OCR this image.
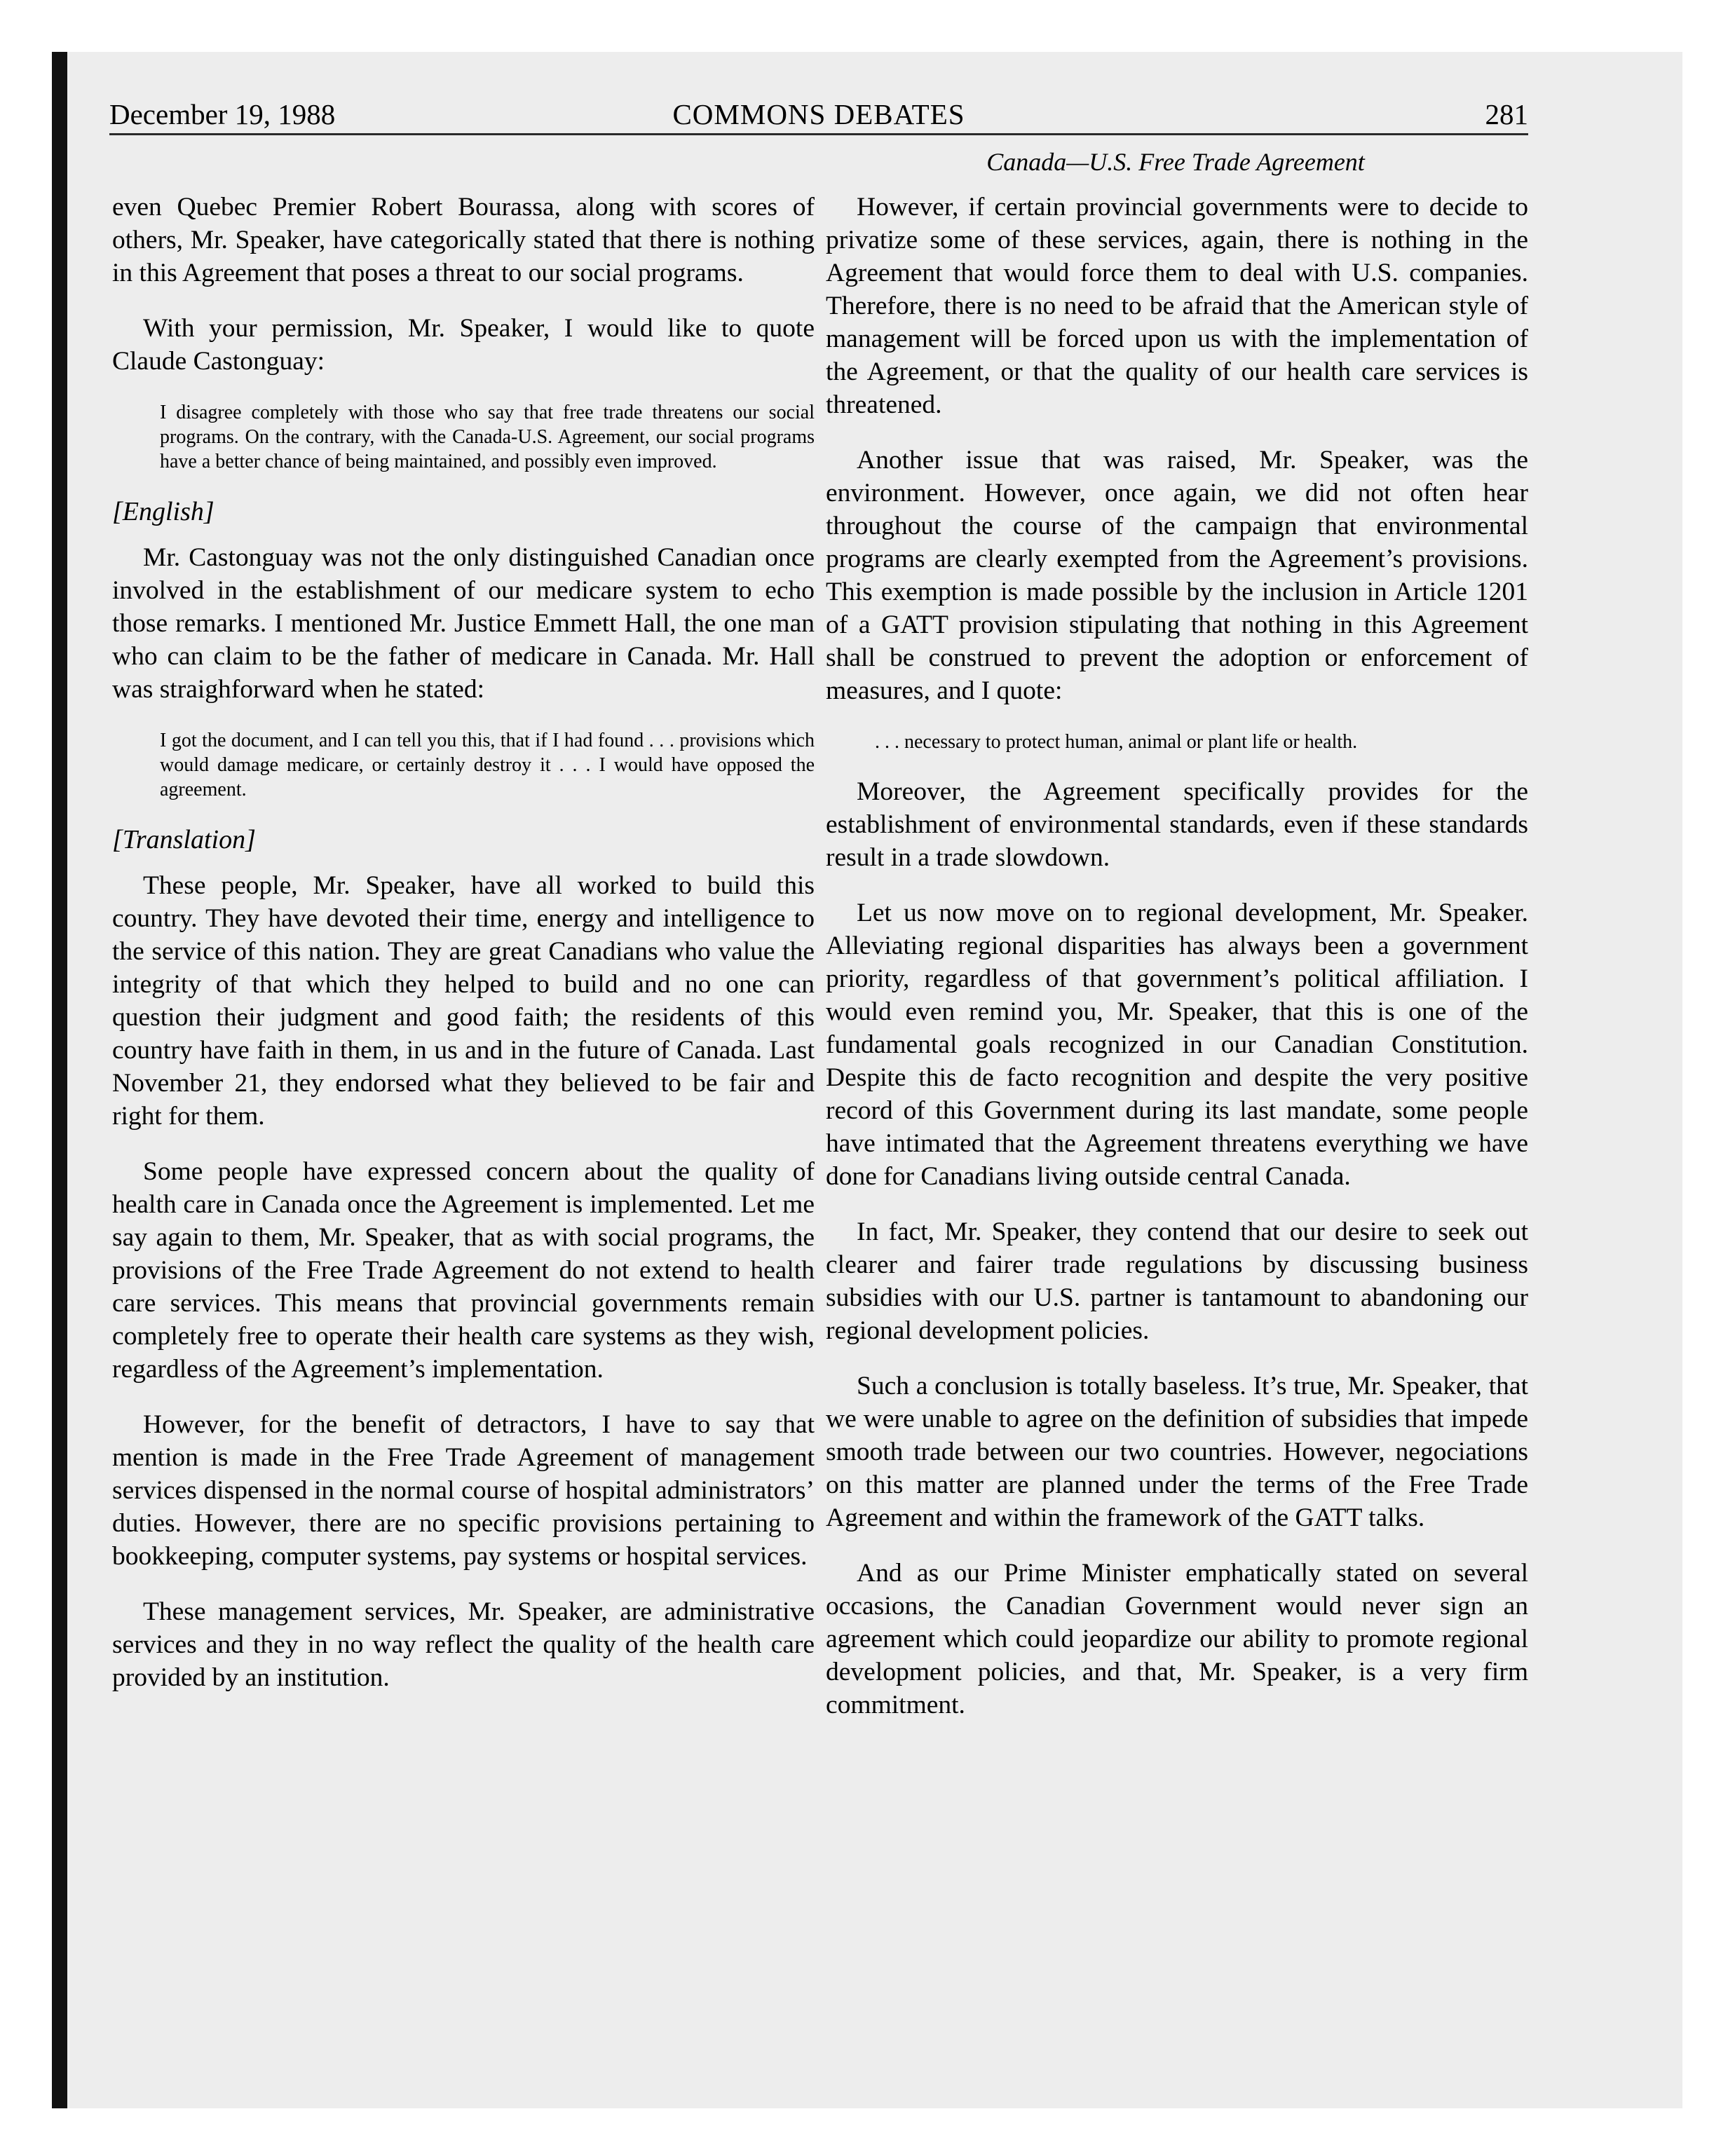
December 19, 1988	COMMONS DEBATES	281
Canada—U.S. Free Trade Agreement

even Quebec Premier Robert Bourassa, along with scores of others, Mr. Speaker, have categorically stated that there is nothing in this Agreement that poses a threat to our social programs.

With your permission, Mr. Speaker, I would like to quote Claude Castonguay:

I disagree completely with those who say that free trade threatens our social programs. On the contrary, with the Canada-U.S. Agreement, our social programs have a better chance of being maintained, and possibly even improved.

[English]

Mr. Castonguay was not the only distinguished Canadian once involved in the establishment of our medicare system to echo those remarks. I mentioned Mr. Justice Emmett Hall, the one man who can claim to be the father of medicare in Canada. Mr. Hall was straighforward when he stated:

I got the document, and I can tell you this, that if I had found . . . provisions which would damage medicare, or certainly destroy it . . . I would have opposed the agreement.

[Translation]

These people, Mr. Speaker, have all worked to build this country. They have devoted their time, energy and intelligence to the service of this nation. They are great Canadians who value the integrity of that which they helped to build and no one can question their judgment and good faith; the residents of this country have faith in them, in us and in the future of Canada. Last November 21, they endorsed what they believed to be fair and right for them.

Some people have expressed concern about the quality of health care in Canada once the Agreement is implemented. Let me say again to them, Mr. Speaker, that as with social programs, the provisions of the Free Trade Agreement do not extend to health care services. This means that provincial governments remain completely free to operate their health care systems as they wish, regardless of the Agreement’s implementation.

However, for the benefit of detractors, I have to say that mention is made in the Free Trade Agreement of management services dispensed in the normal course of hospital administrators’ duties. However, there are no specific provisions pertaining to bookkeeping, computer systems, pay systems or hospital services.

These management services, Mr. Speaker, are administrative services and they in no way reflect the quality of the health care provided by an institution.

However, if certain provincial governments were to decide to privatize some of these services, again, there is nothing in the Agreement that would force them to deal with U.S. companies. Therefore, there is no need to be afraid that the American style of management will be forced upon us with the implementation of the Agreement, or that the quality of our health care services is threatened.

Another issue that was raised, Mr. Speaker, was the environment. However, once again, we did not often hear throughout the course of the campaign that environmental programs are clearly exempted from the Agreement’s provisions. This exemption is made possible by the inclusion in Article 1201 of a GATT provision stipulating that nothing in this Agreement shall be construed to prevent the adoption or enforcement of measures, and I quote:

. . . necessary to protect human, animal or plant life or health.

Moreover, the Agreement specifically provides for the establishment of environmental standards, even if these standards result in a trade slowdown.

Let us now move on to regional development, Mr. Speaker. Alleviating regional disparities has always been a government priority, regardless of that government’s political affiliation. I would even remind you, Mr. Speaker, that this is one of the fundamental goals recognized in our Canadian Constitution. Despite this de facto recognition and despite the very positive record of this Government during its last mandate, some people have intimated that the Agreement threatens everything we have done for Canadians living outside central Canada.

In fact, Mr. Speaker, they contend that our desire to seek out clearer and fairer trade regulations by discussing business subsidies with our U.S. partner is tantamount to abandoning our regional development policies.

Such a conclusion is totally baseless. It’s true, Mr. Speaker, that we were unable to agree on the definition of subsidies that impede smooth trade between our two countries. However, negociations on this matter are planned under the terms of the Free Trade Agreement and within the framework of the GATT talks.

And as our Prime Minister emphatically stated on several occasions, the Canadian Government would never sign an agreement which could jeopardize our ability to promote regional development policies, and that, Mr. Speaker, is a very firm commitment.
